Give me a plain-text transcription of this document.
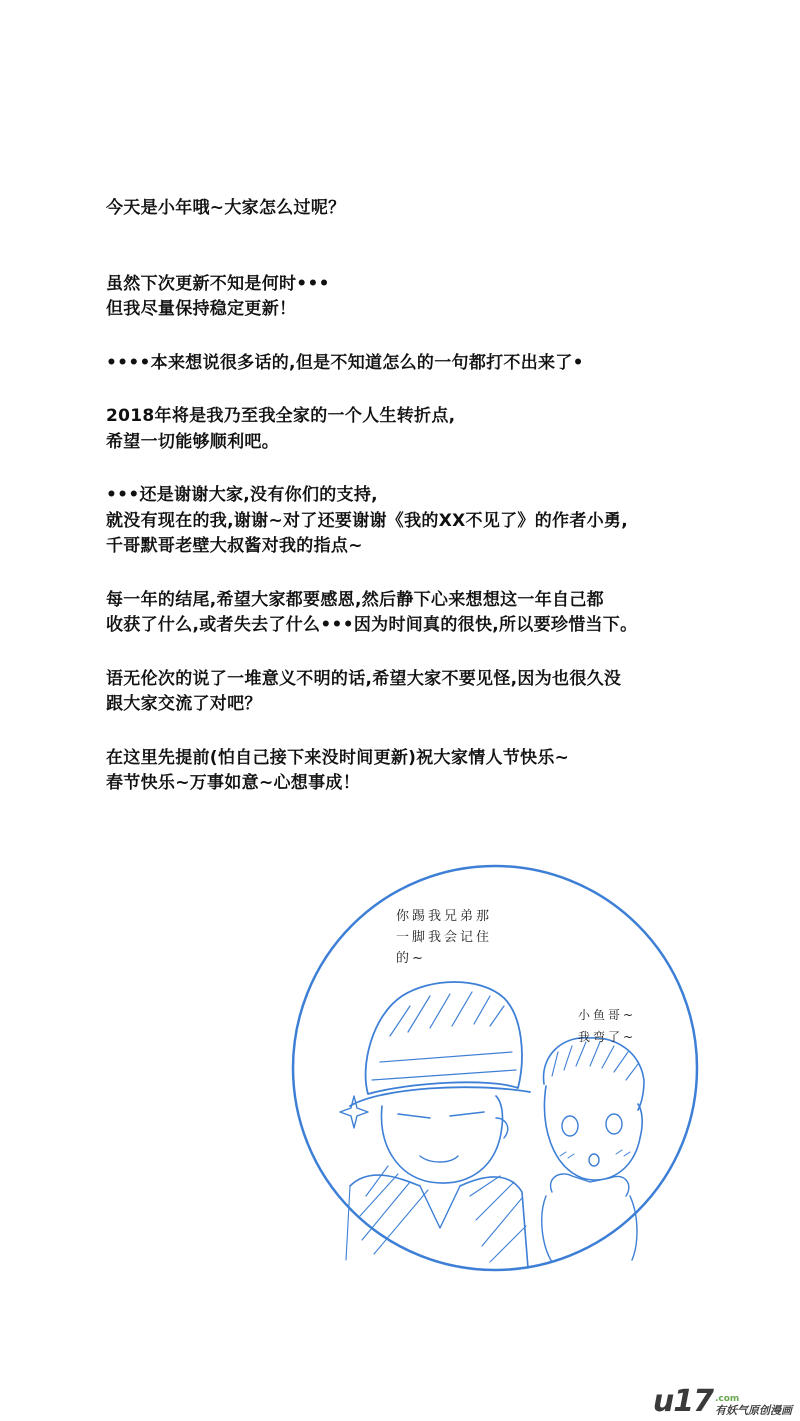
今天是小年哦~大家怎么过呢？

虽然下次更新不知是何时•••

但我尽量保持稳定更新！

••••本来想说很多话的,但是不知道怎么的一句都打不出来了•

2018年将是我乃至我全家的一个人生转折点,

希望一切能够顺利吧。

•••还是谢谢大家,没有你们的支持,

就没有现在的我,谢谢~对了还要谢谢《我的XX不见了》的作者小勇,

千哥默哥老壁大叔酱对我的指点~

每一年的结尾,希望大家都要感恩,然后静下心来想想这一年自己都

收获了什么,或者失去了什么•••因为时间真的很快,所以要珍惜当下。

语无伦次的说了一堆意义不明的话,希望大家不要见怪,因为也很久没

跟大家交流了对吧？

在这里先提前(怕自己接下来没时间更新)祝大家情人节快乐~

春节快乐~万事如意~心想事成！

你踢我兄弟那
一脚我会记住
的~
小鱼哥~
我弯了~
u17 .com
有妖气原创漫画
